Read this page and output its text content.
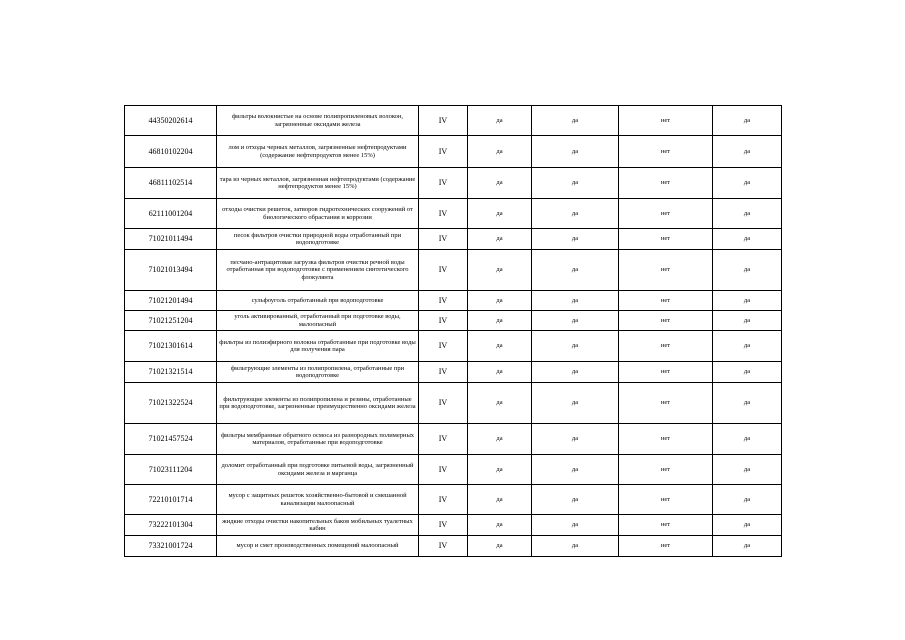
44350202614	фильтры волокнистые на основе полипропиленовых волокон, загрязненные оксидами железа	IV	да	да	нет	да
46810102204	лом и отходы черных металлов, загрязненные нефтепродуктами (содержание нефтепродуктов менее 15%)	IV	да	да	нет	да
46811102514	тара из черных металлов, загрязненная нефтепродуктами (содержание нефтепродуктов менее 15%)	IV	да	да	нет	да
62111001204	отходы очистки решеток, затворов гидротехнических сооружений от биологического обрастания и коррозии	IV	да	да	нет	да
71021011494	песок фильтров очистки природной воды отработанный при водоподготовке	IV	да	да	нет	да
71021013494	песчано-антрацитовая загрузка фильтров очистки речной воды отработанная при водоподготовке с применением синтетического флокулянта	IV	да	да	нет	да
71021201494	сульфоуголь отработанный при водоподготовке	IV	да	да	нет	да
71021251204	уголь активированный, отработанный при подготовке воды, малоопасный	IV	да	да	нет	да
71021301614	фильтры из полиэфирного волокна отработанные при подготовке воды для получения пара	IV	да	да	нет	да
71021321514	фильтрующие элементы из полипропилена, отработанные при водоподготовке	IV	да	да	нет	да
71021322524	фильтрующие элементы из полипропилена и резины, отработанные при водоподготовке, загрязненные преимущественно оксидами железа	IV	да	да	нет	да
71021457524	фильтры мембранные обратного осмоса из разнородных полимерных материалов, отработанные при водоподготовке	IV	да	да	нет	да
71023111204	доломит отработанный при подготовке питьевой воды, загрязненный оксидами железа и марганца	IV	да	да	нет	да
72210101714	мусор с защитных решеток хозяйственно-бытовой и смешанной канализации малоопасный	IV	да	да	нет	да
73222101304	жидкие отходы очистки накопительных баков мобильных туалетных кабин	IV	да	да	нет	да
73321001724	мусор и смет производственных помещений малоопасный	IV	да	да	нет	да
